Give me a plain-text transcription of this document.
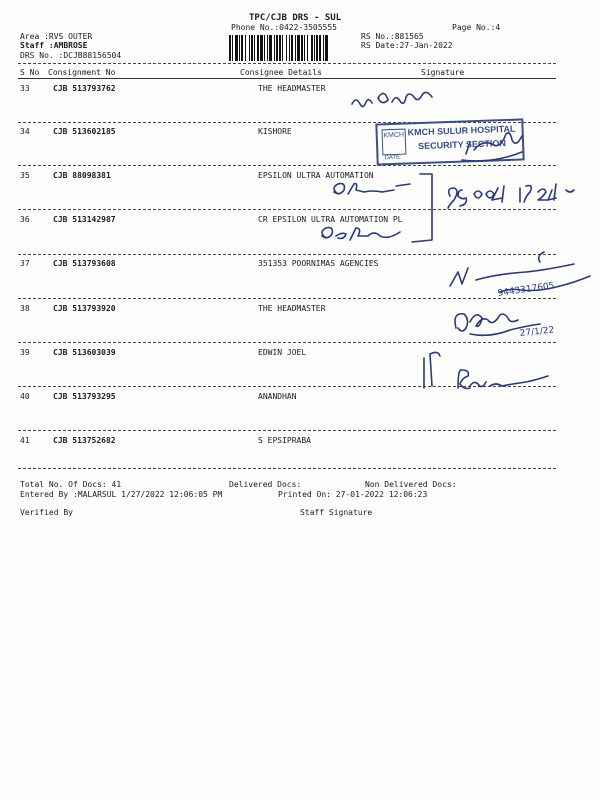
TPC/CJB DRS - SUL
Phone No.:0422-3505555	Page No.:4
Area :RVS OUTER
Staff :AMBROSE
DRS No. :DCJB88156504
RS No.:881565
RS Date:27-Jan-2022
S No Consignment No	Consignee Details	Signature
33	CJB 513793762	THE HEADMASTER
34	CJB 513602185	KISHORE
35	CJB 88098381	EPSILON ULTRA AUTOMATION
36	CJB 513142987	CR EPSILON ULTRA AUTOMATION PL
37	CJB 513793608	351353 POORNIMAS AGENCIES
38	CJB 513793920	THE HEADMASTER
39	CJB 513603039	EDWIN JOEL
40	CJB 513793295	ANANDHAN
41	CJB 513752682	S EPSIPRABA
Total No. Of Docs: 41	Delivered Docs:	Non Delivered Docs:
Entered By :MALARSUL 1/27/2022 12:06:05 PM	Printed On: 27-01-2022 12:06:23
Verified By	Staff Signature
KMCH KMCH SULUR HOSPITAL
SECURITY SECTION
DATE:
9443317605
27/1/22
